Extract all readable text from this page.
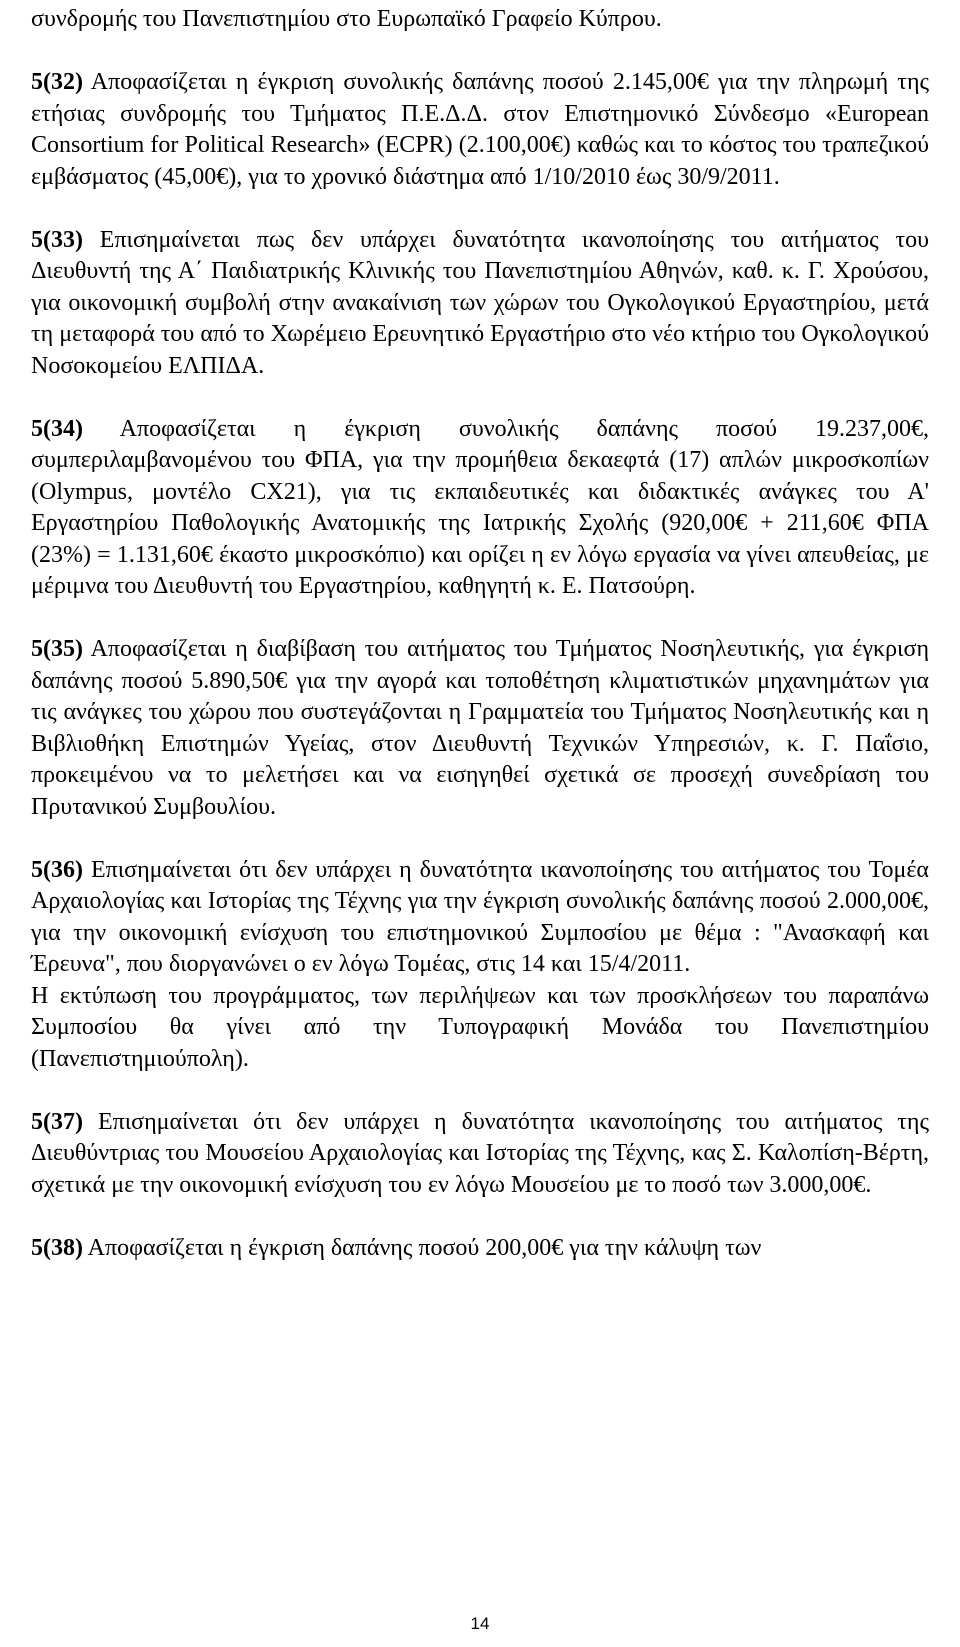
συνδρομής του Πανεπιστημίου στο Ευρωπαϊκό Γραφείο Κύπρου.

5(32) Αποφασίζεται η έγκριση συνολικής δαπάνης ποσού 2.145,00€ για την πληρωμή της ετήσιας συνδρομής του Τμήματος Π.Ε.Δ.Δ. στον Επιστημονικό Σύνδεσμο «European Consortium for Political Research» (ECPR) (2.100,00€) καθώς και το κόστος του τραπεζικού εμβάσματος (45,00€), για το χρονικό διάστημα από 1/10/2010 έως 30/9/2011.

5(33) Επισημαίνεται πως δεν υπάρχει δυνατότητα ικανοποίησης του αιτήματος του Διευθυντή της Α΄ Παιδιατρικής Κλινικής του Πανεπιστημίου Αθηνών, καθ. κ. Γ. Χρούσου, για οικονομική συμβολή στην ανακαίνιση των χώρων του Ογκολογικού Εργαστηρίου, μετά τη μεταφορά του από το Χωρέμειο Ερευνητικό Εργαστήριο στο νέο κτήριο του Ογκολογικού Νοσοκομείου ΕΛΠΙΔΑ.

5(34) Αποφασίζεται η έγκριση συνολικής δαπάνης ποσού 19.237,00€, συμπεριλαμβανομένου του ΦΠΑ, για την προμήθεια δεκαεφτά (17) απλών μικροσκοπίων (Olympus, μοντέλο CX21), για τις εκπαιδευτικές και διδακτικές ανάγκες του Α' Εργαστηρίου Παθολογικής Ανατομικής της Ιατρικής Σχολής (920,00€ + 211,60€ ΦΠΑ (23%) = 1.131,60€ έκαστο μικροσκόπιο) και ορίζει η εν λόγω εργασία να γίνει απευθείας, με μέριμνα του Διευθυντή του Εργαστηρίου, καθηγητή κ. Ε. Πατσούρη.

5(35) Αποφασίζεται η διαβίβαση του αιτήματος του Τμήματος Νοσηλευτικής, για έγκριση δαπάνης ποσού 5.890,50€ για την αγορά και τοποθέτηση κλιματιστικών μηχανημάτων για τις ανάγκες του χώρου που συστεγάζονται η Γραμματεία του Τμήματος Νοσηλευτικής και η Βιβλιοθήκη Επιστημών Υγείας, στον Διευθυντή Τεχνικών Υπηρεσιών, κ. Γ. Παΐσιο, προκειμένου να το μελετήσει και να εισηγηθεί σχετικά σε προσεχή συνεδρίαση του Πρυτανικού Συμβουλίου.

5(36) Επισημαίνεται ότι δεν υπάρχει η δυνατότητα ικανοποίησης του αιτήματος του Τομέα Αρχαιολογίας και Ιστορίας της Τέχνης για την έγκριση συνολικής δαπάνης ποσού 2.000,00€, για την οικονομική ενίσχυση του επιστημονικού Συμποσίου με θέμα : "Ανασκαφή και Έρευνα", που διοργανώνει ο εν λόγω Τομέας, στις 14 και 15/4/2011.

Η εκτύπωση του προγράμματος, των περιλήψεων και των προσκλήσεων του παραπάνω Συμποσίου θα γίνει από την Τυπογραφική Μονάδα του Πανεπιστημίου (Πανεπιστημιούπολη).

5(37) Επισημαίνεται ότι δεν υπάρχει η δυνατότητα ικανοποίησης του αιτήματος της Διευθύντριας του Μουσείου Αρχαιολογίας και Ιστορίας της Τέχνης, κας Σ. Καλοπίση-Βέρτη, σχετικά με την οικονομική ενίσχυση του εν λόγω Μουσείου με το ποσό των 3.000,00€.

5(38) Αποφασίζεται η έγκριση δαπάνης ποσού 200,00€ για την κάλυψη των

14
